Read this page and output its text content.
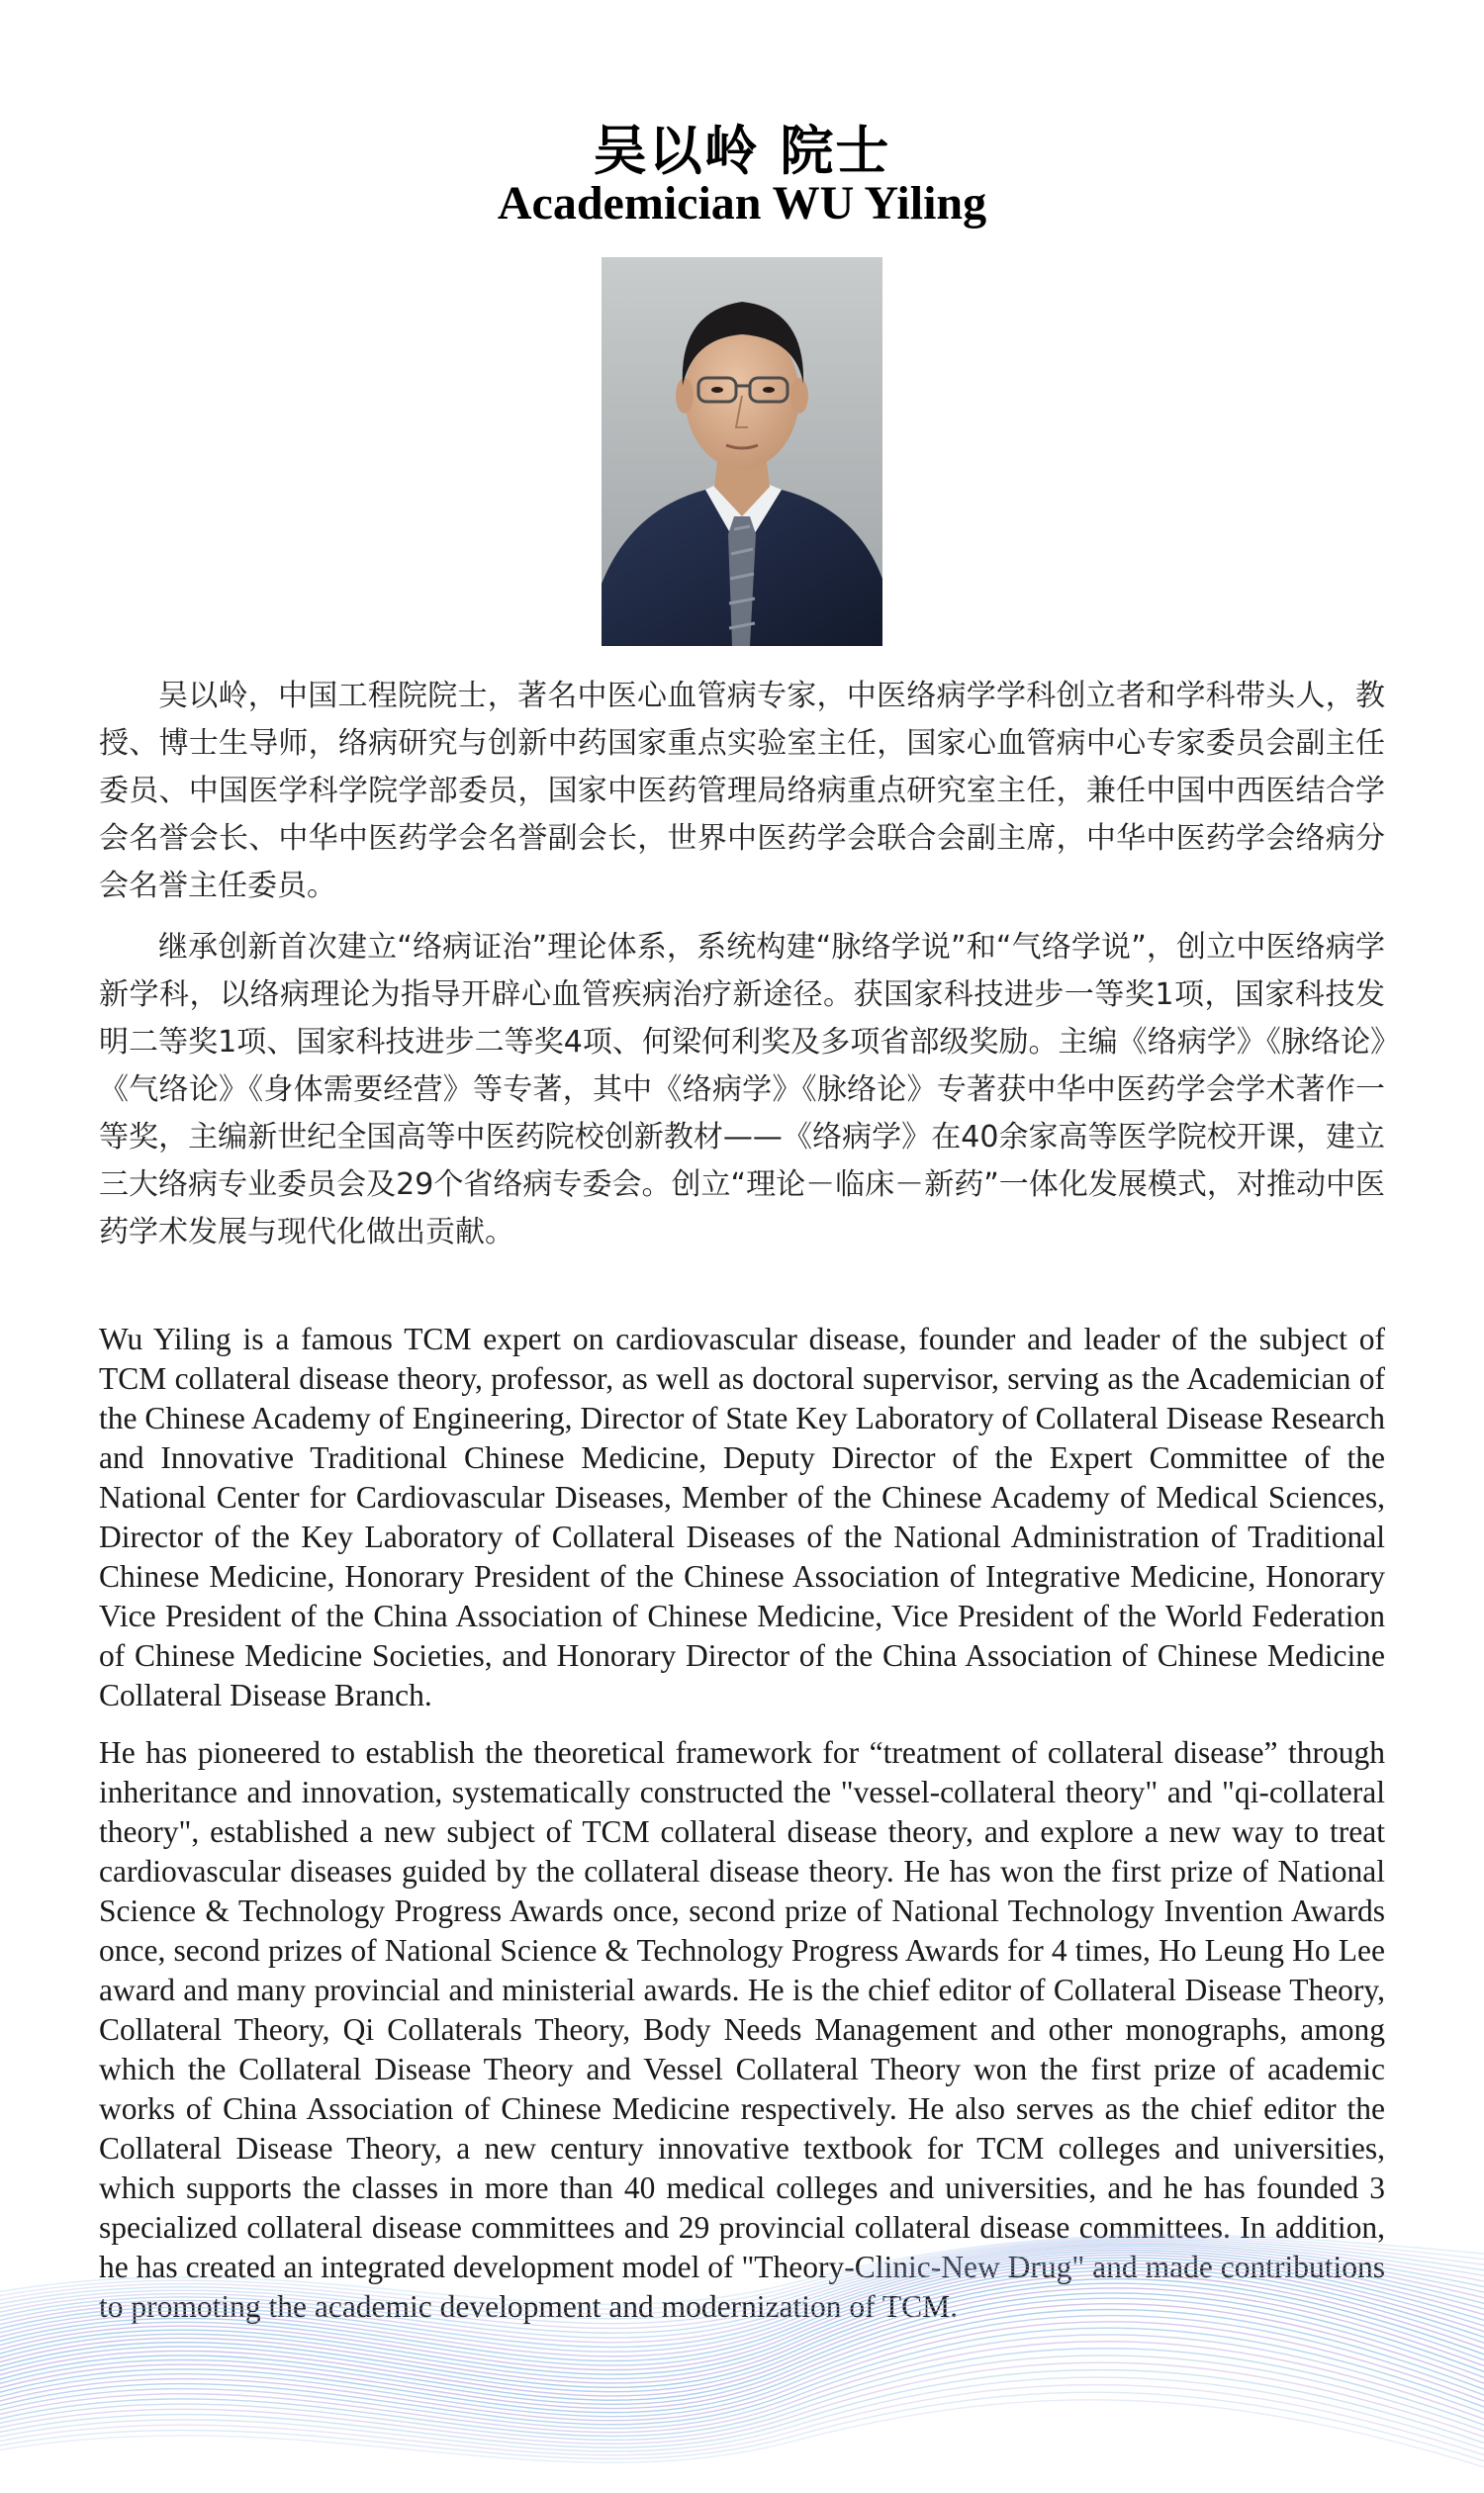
吴以岭 院士
Academician WU Yiling

吴以岭，中国工程院院士，著名中医心血管病专家，中医络病学学科创立者和学科带头人，教授、博士生导师，络病研究与创新中药国家重点实验室主任，国家心血管病中心专家委员会副主任委员、中国医学科学院学部委员，国家中医药管理局络病重点研究室主任，兼任中国中西医结合学会名誉会长、中华中医药学会名誉副会长，世界中医药学会联合会副主席，中华中医药学会络病分会名誉主任委员。

继承创新首次建立“络病证治”理论体系，系统构建“脉络学说”和“气络学说”，创立中医络病学新学科，以络病理论为指导开辟心血管疾病治疗新途径。获国家科技进步一等奖1项，国家科技发明二等奖1项、国家科技进步二等奖4项、何梁何利奖及多项省部级奖励。主编《络病学》《脉络论》《气络论》《身体需要经营》等专著，其中《络病学》《脉络论》专著获中华中医药学会学术著作一等奖，主编新世纪全国高等中医药院校创新教材——《络病学》在40余家高等医学院校开课，建立三大络病专业委员会及29个省络病专委会。创立“理论－临床－新药”一体化发展模式，对推动中医药学术发展与现代化做出贡献。

Wu Yiling is a famous TCM expert on cardiovascular disease, founder and leader of the subject of TCM collateral disease theory, professor, as well as doctoral supervisor, serving as the Academician of the Chinese Academy of Engineering, Director of State Key Laboratory of Collateral Disease Research and Innovative Traditional Chinese Medicine, Deputy Director of the Expert Committee of the National Center for Cardiovascular Diseases, Member of the Chinese Academy of Medical Sciences, Director of the Key Laboratory of Collateral Diseases of the National Administration of Traditional Chinese Medicine, Honorary President of the Chinese Association of Integrative Medicine, Honorary Vice President of the China Association of Chinese Medicine, Vice President of the World Federation of Chinese Medicine Societies, and Honorary Director of the China Association of Chinese Medicine Collateral Disease Branch.

He has pioneered to establish the theoretical framework for “treatment of collateral disease” through inheritance and innovation, systematically constructed the "vessel-collateral theory" and "qi-collateral theory", established a new subject of TCM collateral disease theory, and explore a new way to treat cardiovascular diseases guided by the collateral disease theory. He has won the first prize of National Science & Technology Progress Awards once, second prize of National Technology Invention Awards once, second prizes of National Science & Technology Progress Awards for 4 times, Ho Leung Ho Lee award and many provincial and ministerial awards. He is the chief editor of Collateral Disease Theory, Collateral Theory, Qi Collaterals Theory, Body Needs Management and other monographs, among which the Collateral Disease Theory and Vessel Collateral Theory won the first prize of academic works of China Association of Chinese Medicine respectively. He also serves as the chief editor the Collateral Disease Theory, a new century innovative textbook for TCM colleges and universities, which supports the classes in more than 40 medical colleges and universities, and he has founded 3 specialized collateral disease committees and 29 provincial collateral disease committees. In addition, he has created an integrated development model of "Theory-Clinic-New Drug" and made contributions to promoting the academic development and modernization of TCM.
